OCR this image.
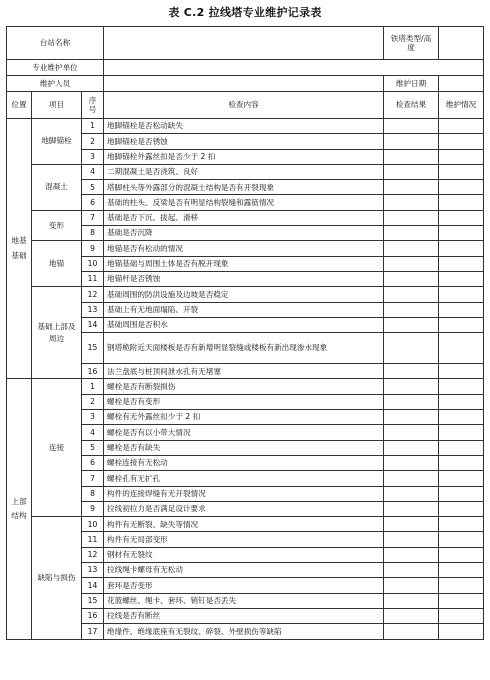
表 C.2 拉线塔专业维护记录表
台站名称				铁塔类型/高度	
专业维护单位					
维护人员				维护日期	
位置	项目	序号	检查内容	检查结果	维护情况
地基基础	地脚锚栓	1	地脚锚栓是否松动缺失		
		2	地脚锚栓是否锈蚀		
		3	地脚锚栓外露丝扣是否少于 2 扣		
	混凝土	4	二期混凝土是否浇筑、良好		
		5	塔脚柱头等外露部分的混凝土结构是否有开裂现象		
		6	基础的柱头、反梁是否有明显结构裂缝和露筋情况		
	变形	7	基础是否下沉、拔起、滑移		
		8	基础是否沉降		
	地锚	9	地锚是否有松动的情况		
		10	地锚基础与周围土体是否有脱开现象		
		11	地锚杆是否锈蚀		
	基础上部及周边	12	基础周围的防洪设施及边坡是否稳定		
		13	基础上有无地面塌陷、开裂		
		14	基础周围是否积水		
		15	钢塔桅附近天面楼板是否有新增明显裂缝或楼板有新出现渗水现象		
		16	法兰盘底与桩顶间泄水孔有无堵塞		
上部结构	连接	1	螺栓是否有断裂损伤		
		2	螺栓是否有变形		
		3	螺栓有无外露丝扣少于 2 扣		
		4	螺栓是否有以小带大情况		
		5	螺栓是否有缺失		
		6	螺栓连接有无松动		
		7	螺栓孔有无扩孔		
		8	构件的连接焊缝有无开裂情况		
		9	拉线初拉力是否满足设计要求		
	缺陷与损伤	10	构件有无断裂、缺失等情况		
		11	构件有无局部变形		
		12	钢材有无裂纹		
		13	拉线绳卡螺母有无松动		
		14	套环是否变形		
		15	花篮螺丝、绳卡、套环、销钉是否丢失		
		16	拉线是否有断丝		
		17	绝缘件、绝缘底座有无裂纹、碎裂、外壁损伤等缺陷		
